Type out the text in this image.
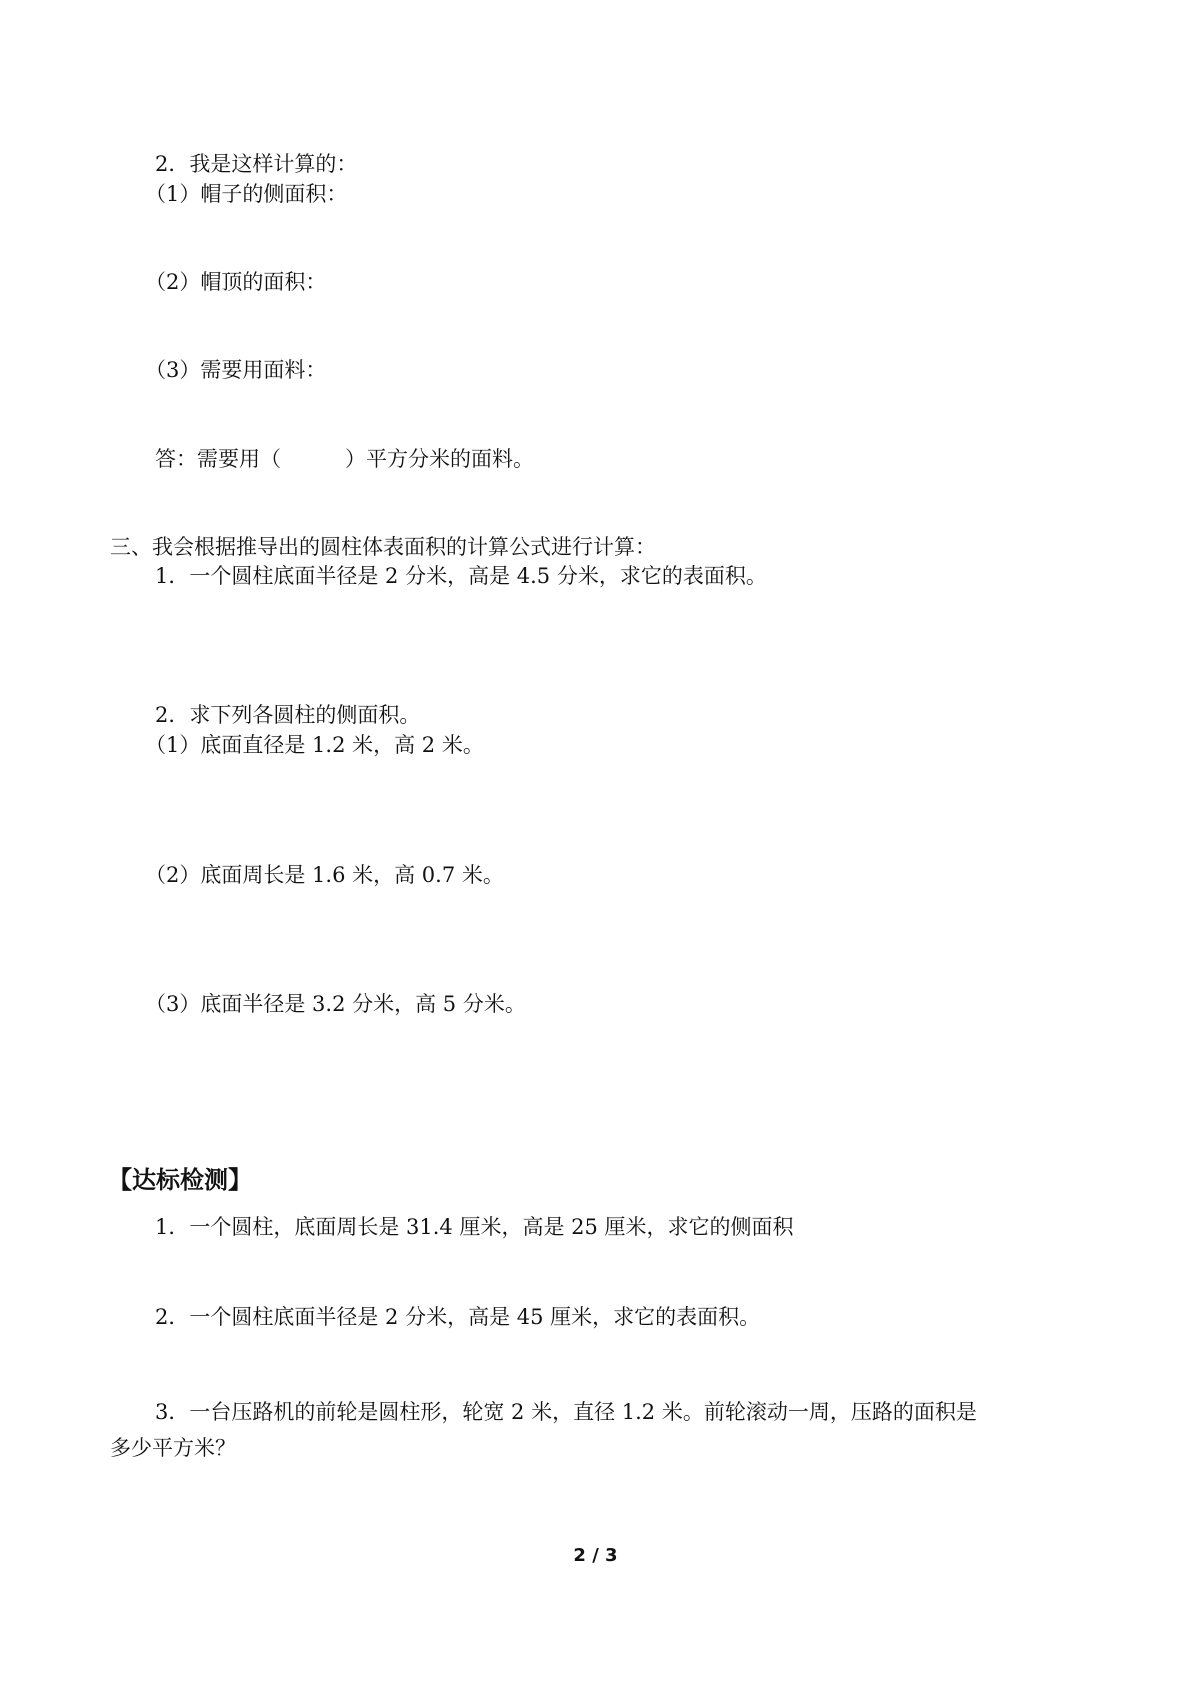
2．我是这样计算的：
（1）帽子的侧面积：
（2）帽顶的面积：
（3）需要用面料：
答：需要用（	）平方分米的面料。
三、我会根据推导出的圆柱体表面积的计算公式进行计算：
1．一个圆柱底面半径是 2 分米，高是 4.5 分米，求它的表面积。
2．求下列各圆柱的侧面积。
（1）底面直径是 1.2 米，高 2 米。
（2）底面周长是 1.6 米，高 0.7 米。
（3）底面半径是 3.2 分米，高 5 分米。
【达标检测】
1．一个圆柱，底面周长是 31.4 厘米，高是 25 厘米，求它的侧面积
2．一个圆柱底面半径是 2 分米，高是 45 厘米，求它的表面积。
3．一台压路机的前轮是圆柱形，轮宽 2 米，直径 1.2 米。前轮滚动一周，压路的面积是
多少平方米？
2 / 3
